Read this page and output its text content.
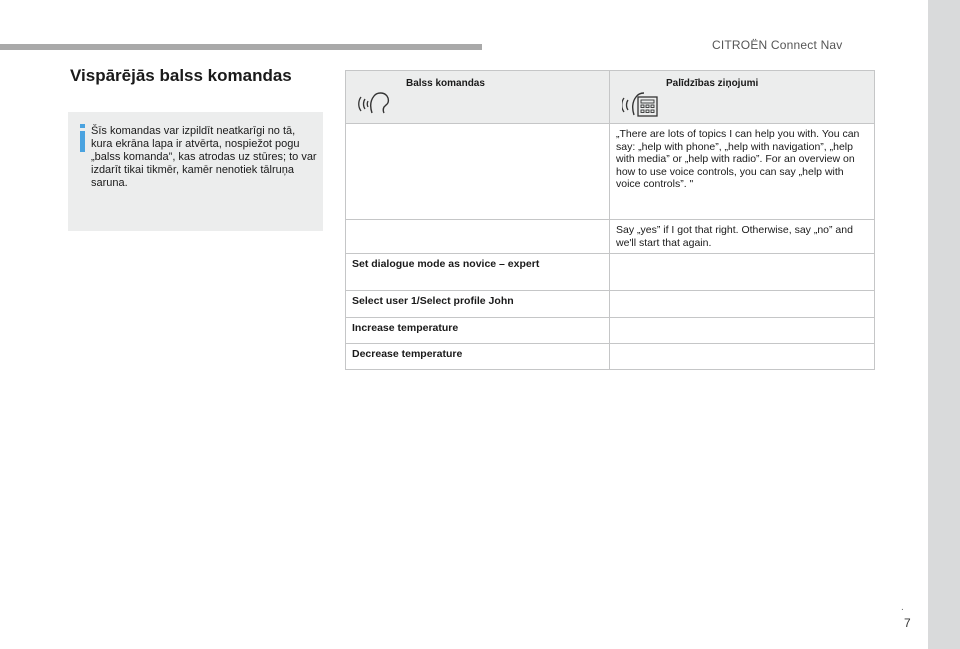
CITROËN Connect Nav
Vispārējās balss komandas
Šīs komandas var izpildīt neatkarīgi no tā, kura ekrāna lapa ir atvērta, nospiežot pogu „balss komanda”, kas atrodas uz stūres; to var izdarīt tikai tikmēr, kamēr nenotiek tālruņa saruna.
Balss komandas	Palīdzības ziņojumi

	„There are lots of topics I can help you with. You can say: „help with phone”, „help with navigation”, „help with media” or „help with radio”. For an overview on how to use voice controls, you can say „help with voice controls”. "
	Say „yes” if I got that right. Otherwise, say „no” and we'll start that again.
Set dialogue mode as novice – expert	
Select user 1/Select profile John	
Increase temperature	
Decrease temperature	
.
7
